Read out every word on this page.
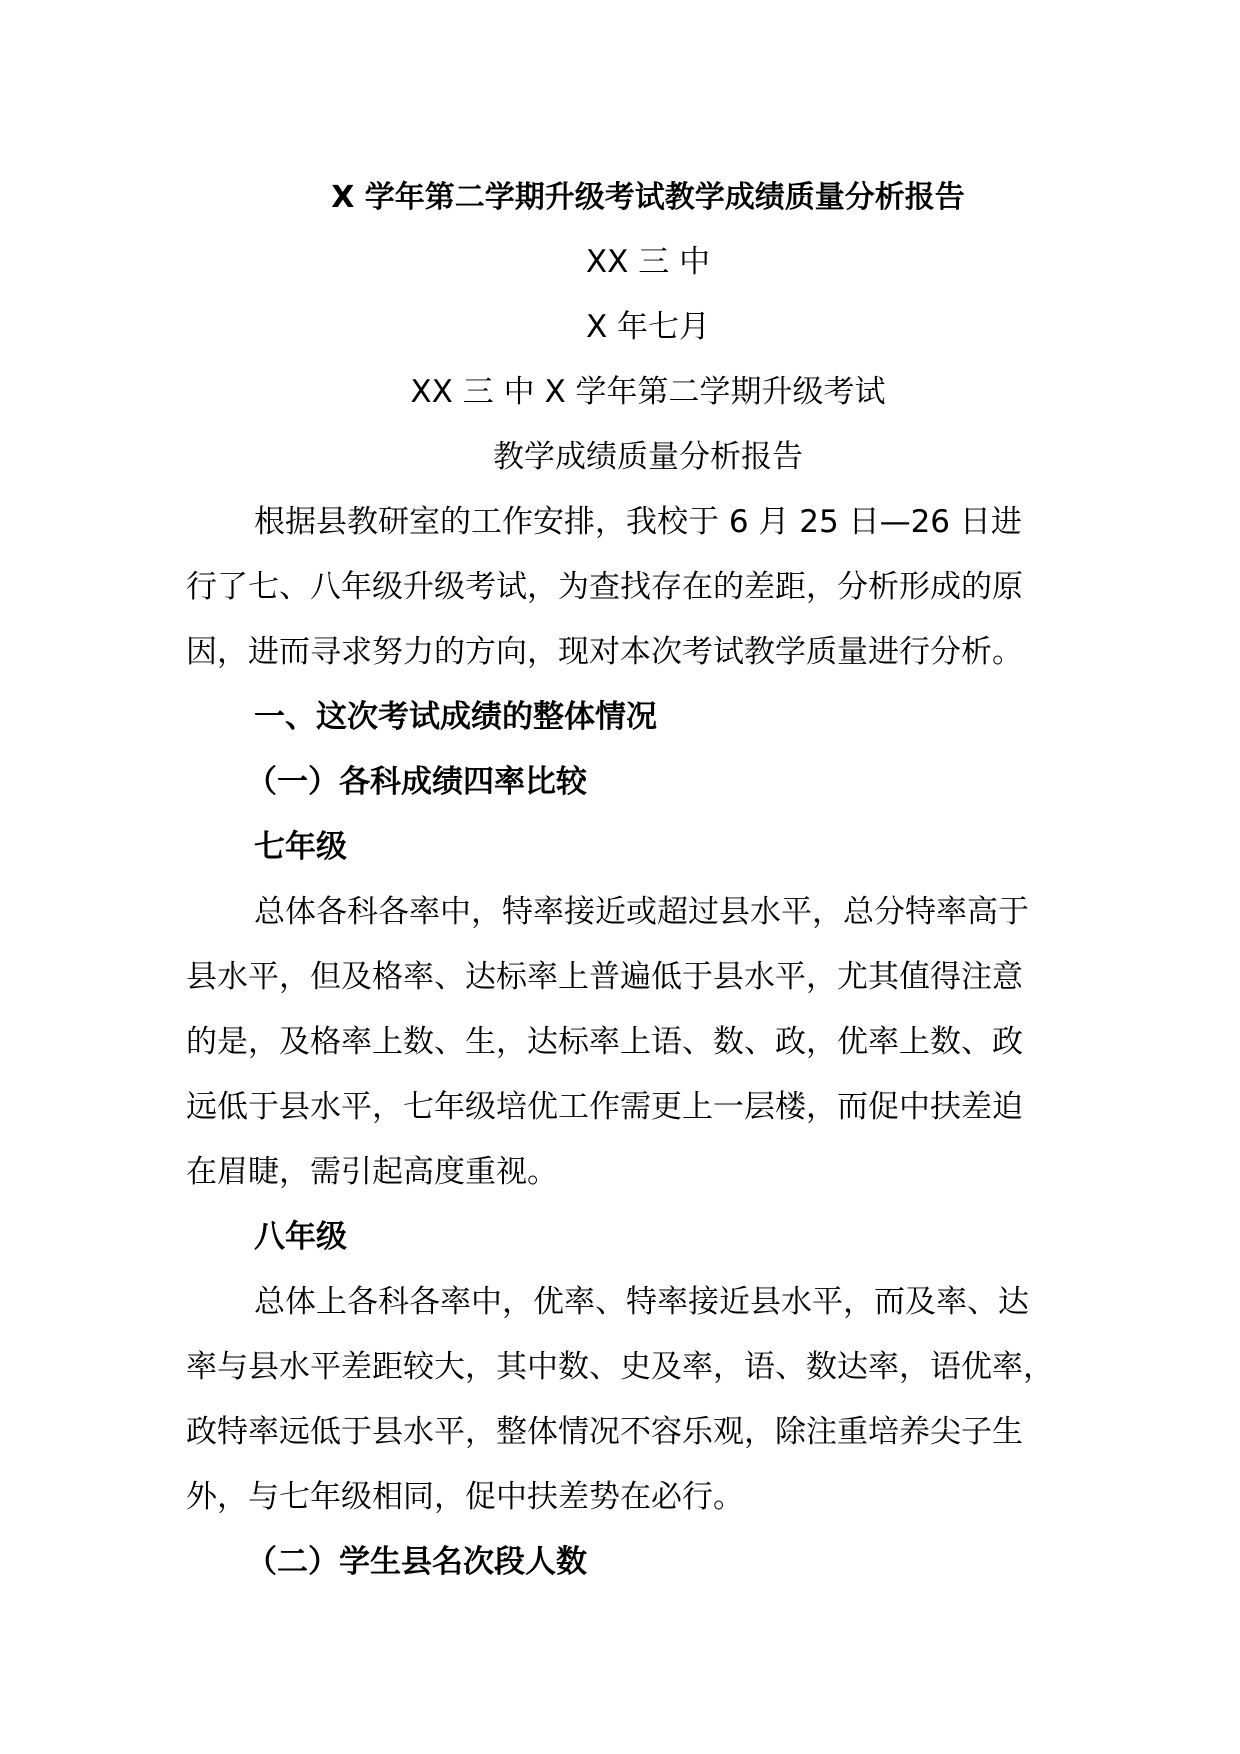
X 学年第二学期升级考试教学成绩质量分析报告
XX 三 中
X 年七月
XX 三 中 X 学年第二学期升级考试
教学成绩质量分析报告
根据县教研室的工作安排，我校于 6 月 25 日—26 日进
行了七、八年级升级考试，为查找存在的差距，分析形成的原
因，进而寻求努力的方向，现对本次考试教学质量进行分析。
一、这次考试成绩的整体情况
（一）各科成绩四率比较
七年级
总体各科各率中，特率接近或超过县水平，总分特率高于
县水平，但及格率、达标率上普遍低于县水平，尤其值得注意
的是，及格率上数、生，达标率上语、数、政，优率上数、政
远低于县水平，七年级培优工作需更上一层楼，而促中扶差迫
在眉睫，需引起高度重视。
八年级
总体上各科各率中，优率、特率接近县水平，而及率、达
率与县水平差距较大，其中数、史及率，语、数达率，语优率，
政特率远低于县水平，整体情况不容乐观，除注重培养尖子生
外，与七年级相同，促中扶差势在必行。
（二）学生县名次段人数
